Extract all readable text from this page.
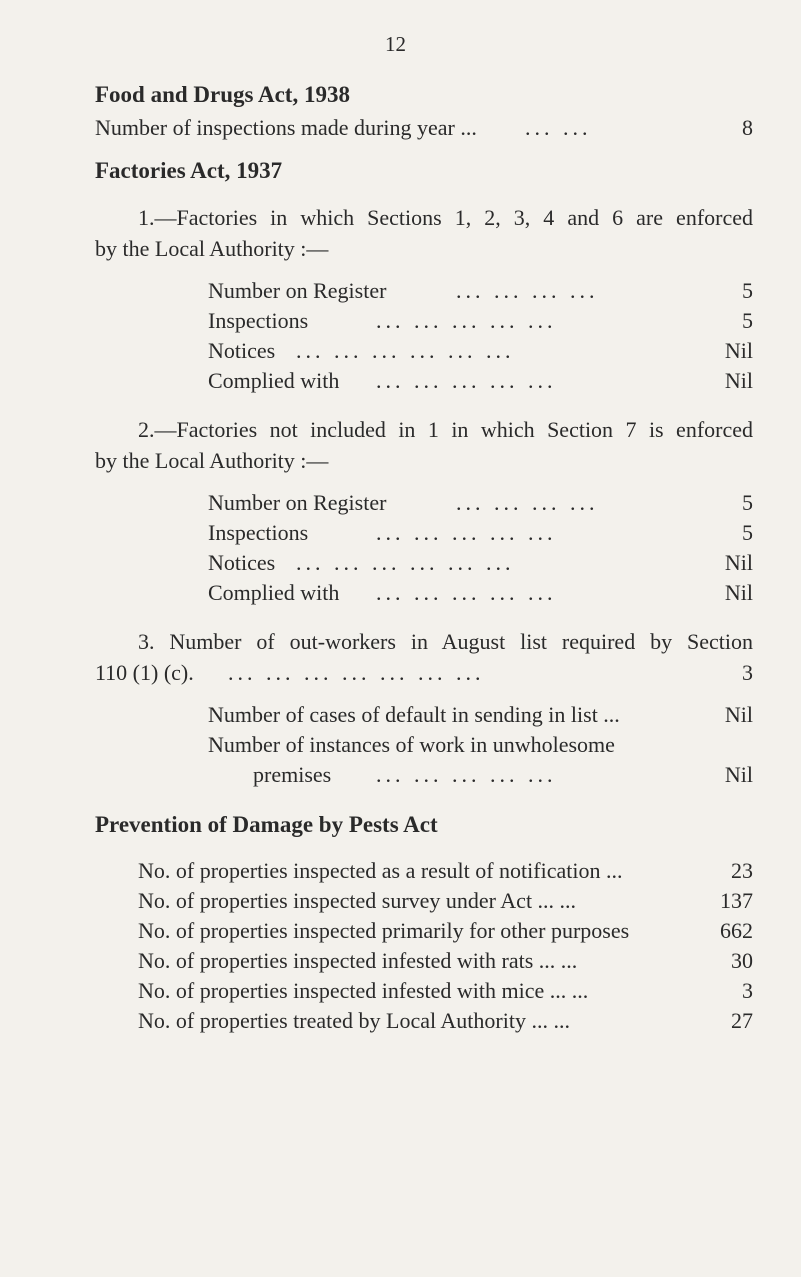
12
Food and Drugs Act, 1938
Number of inspections made during year ... ... ...	8
Factories Act, 1937
1.—Factories in which Sections 1, 2, 3, 4 and 6 are enforced
by the Local Authority :—
Number on Register	... ... ... ...	5
Inspections	... ... ... ... ...	5
Notices ... ... ... ... ... ...	Nil
Complied with ... ... ... ... ...	Nil
2.—Factories not included in 1 in which Section 7 is enforced
by the Local Authority :—
Number on Register	... ... ... ...	5
Inspections	... ... ... ... ...	5
Notices ... ... ... ... ... ...	Nil
Complied with ... ... ... ... ...	Nil
3. Number of out-workers in August list required by Section
110 (1) (c). ... ... ... ... ... ... ...	3
Number of cases of default in sending in list ...	Nil
Number of instances of work in unwholesome
premises ... ... ... ... ...	Nil
Prevention of Damage by Pests Act
No. of properties inspected as a result of notification ...	23
No. of properties inspected survey under Act ... ...	137
No. of properties inspected primarily for other purposes	662
No. of properties inspected infested with rats ... ...	30
No. of properties inspected infested with mice ... ...	3
No. of properties treated by Local Authority ... ...	27
